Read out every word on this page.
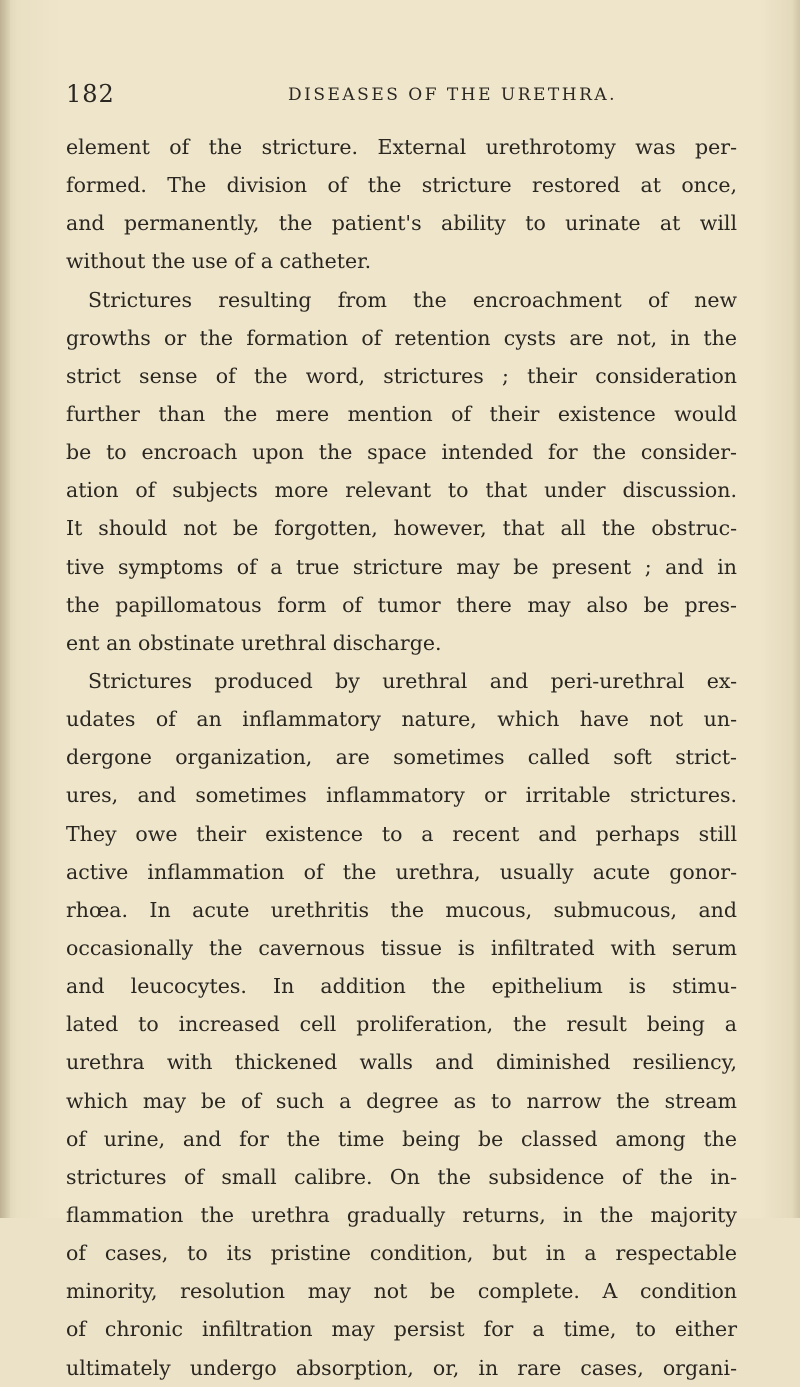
182	DISEASES OF THE URETHRA.
element of the stricture. External urethrotomy was per-
formed. The division of the stricture restored at once,
and permanently, the patient's ability to urinate at will
without the use of a catheter.
Strictures resulting from the encroachment of new
growths or the formation of retention cysts are not, in the
strict sense of the word, strictures ; their consideration
further than the mere mention of their existence would
be to encroach upon the space intended for the consider-
ation of subjects more relevant to that under discussion.
It should not be forgotten, however, that all the obstruc-
tive symptoms of a true stricture may be present ; and in
the papillomatous form of tumor there may also be pres-
ent an obstinate urethral discharge.
Strictures produced by urethral and peri-urethral ex-
udates of an inflammatory nature, which have not un-
dergone organization, are sometimes called soft strict-
ures, and sometimes inflammatory or irritable strictures.
They owe their existence to a recent and perhaps still
active inflammation of the urethra, usually acute gonor-
rhœa. In acute urethritis the mucous, submucous, and
occasionally the cavernous tissue is infiltrated with serum
and leucocytes. In addition the epithelium is stimu-
lated to increased cell proliferation, the result being a
urethra with thickened walls and diminished resiliency,
which may be of such a degree as to narrow the stream
of urine, and for the time being be classed among the
strictures of small calibre. On the subsidence of the in-
flammation the urethra gradually returns, in the majority
of cases, to its pristine condition, but in a respectable
minority, resolution may not be complete. A condition
of chronic infiltration may persist for a time, to either
ultimately undergo absorption, or, in rare cases, organi-
